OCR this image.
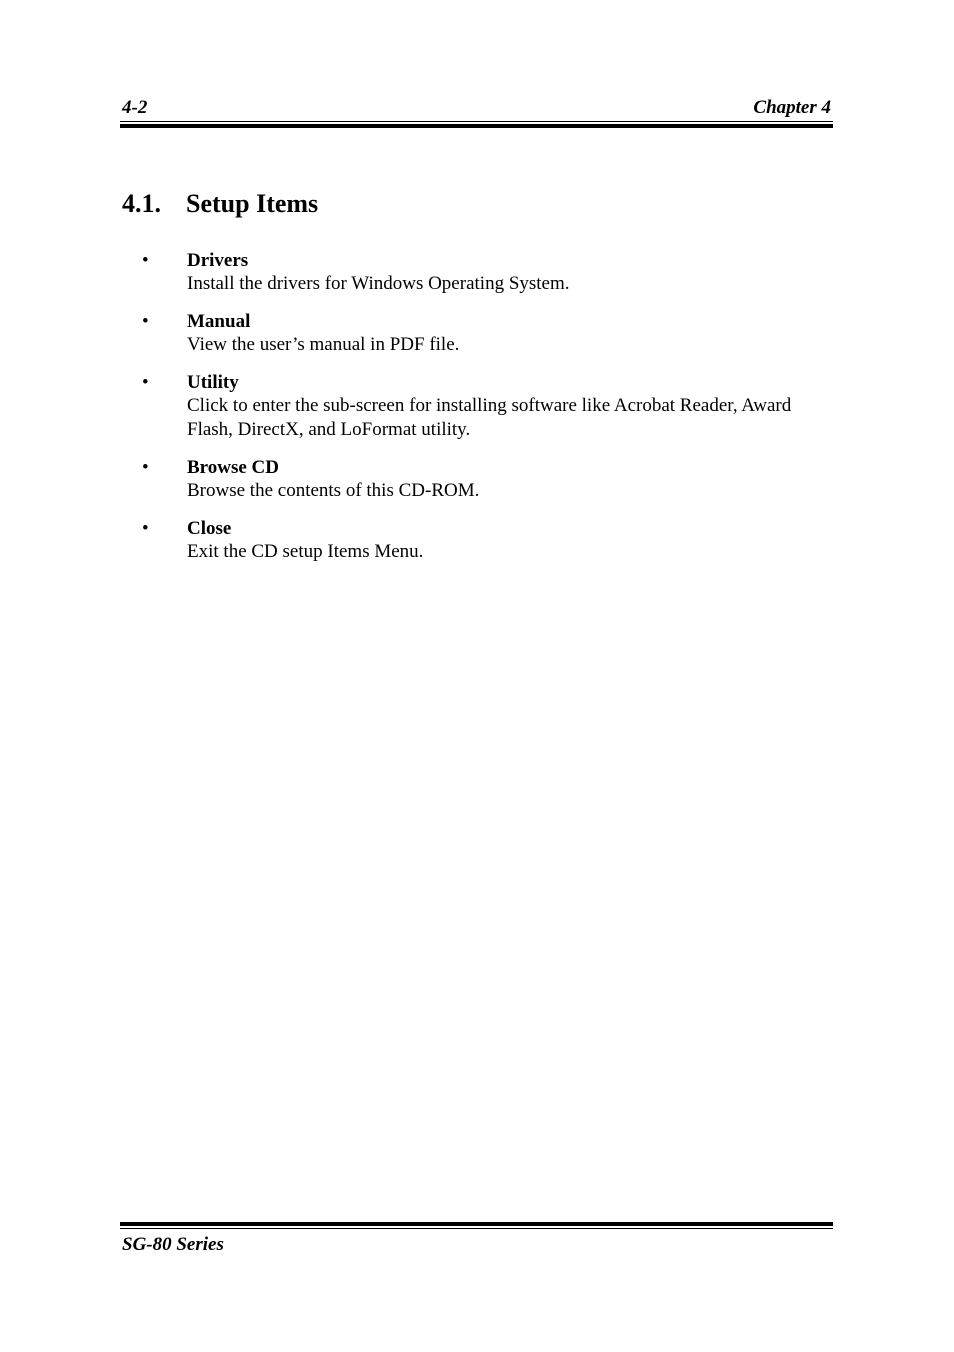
4-2	Chapter 4
4.1. Setup Items
• Drivers
Install the drivers for Windows Operating System.
• Manual
View the user’s manual in PDF file.
• Utility
Click to enter the sub-screen for installing software like Acrobat Reader, Award Flash, DirectX, and LoFormat utility.
• Browse CD
Browse the contents of this CD-ROM.
• Close
Exit the CD setup Items Menu.
SG-80 Series
